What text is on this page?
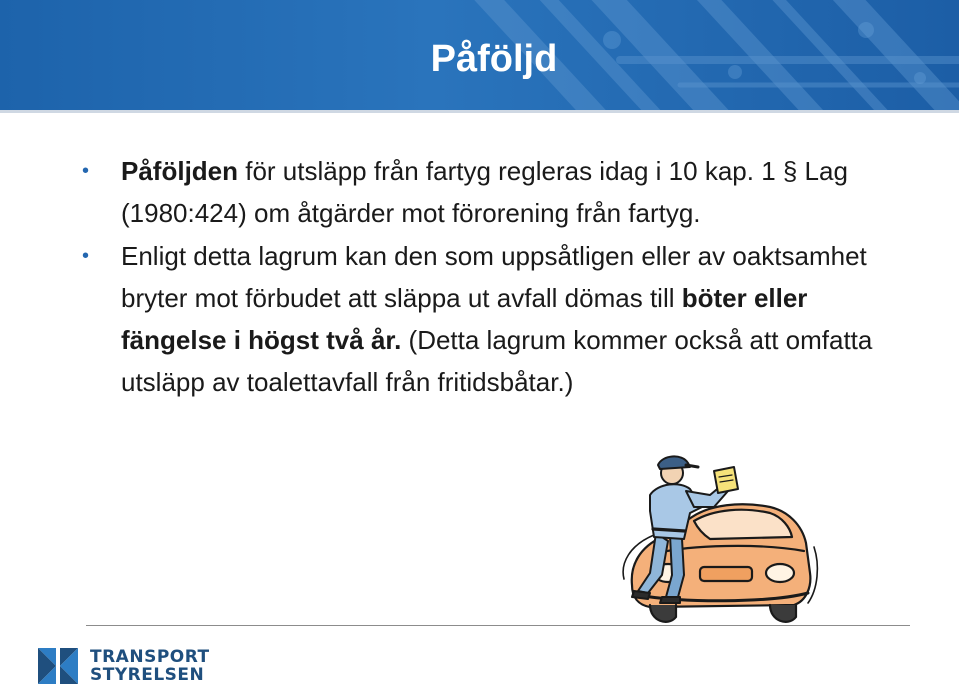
Påföljd

• Påföljden för utsläpp från fartyg regleras idag i 10 kap. 1 § Lag (1980:424) om åtgärder mot förorening från fartyg.

• Enligt detta lagrum kan den som uppsåtligen eller av oaktsamhet bryter mot förbudet att släppa ut avfall dömas till böter eller fängelse i högst två år. (Detta lagrum kommer också att omfatta utsläpp av toalettavfall från fritidsbåtar.)

TRANSPORT
STYRELSEN
